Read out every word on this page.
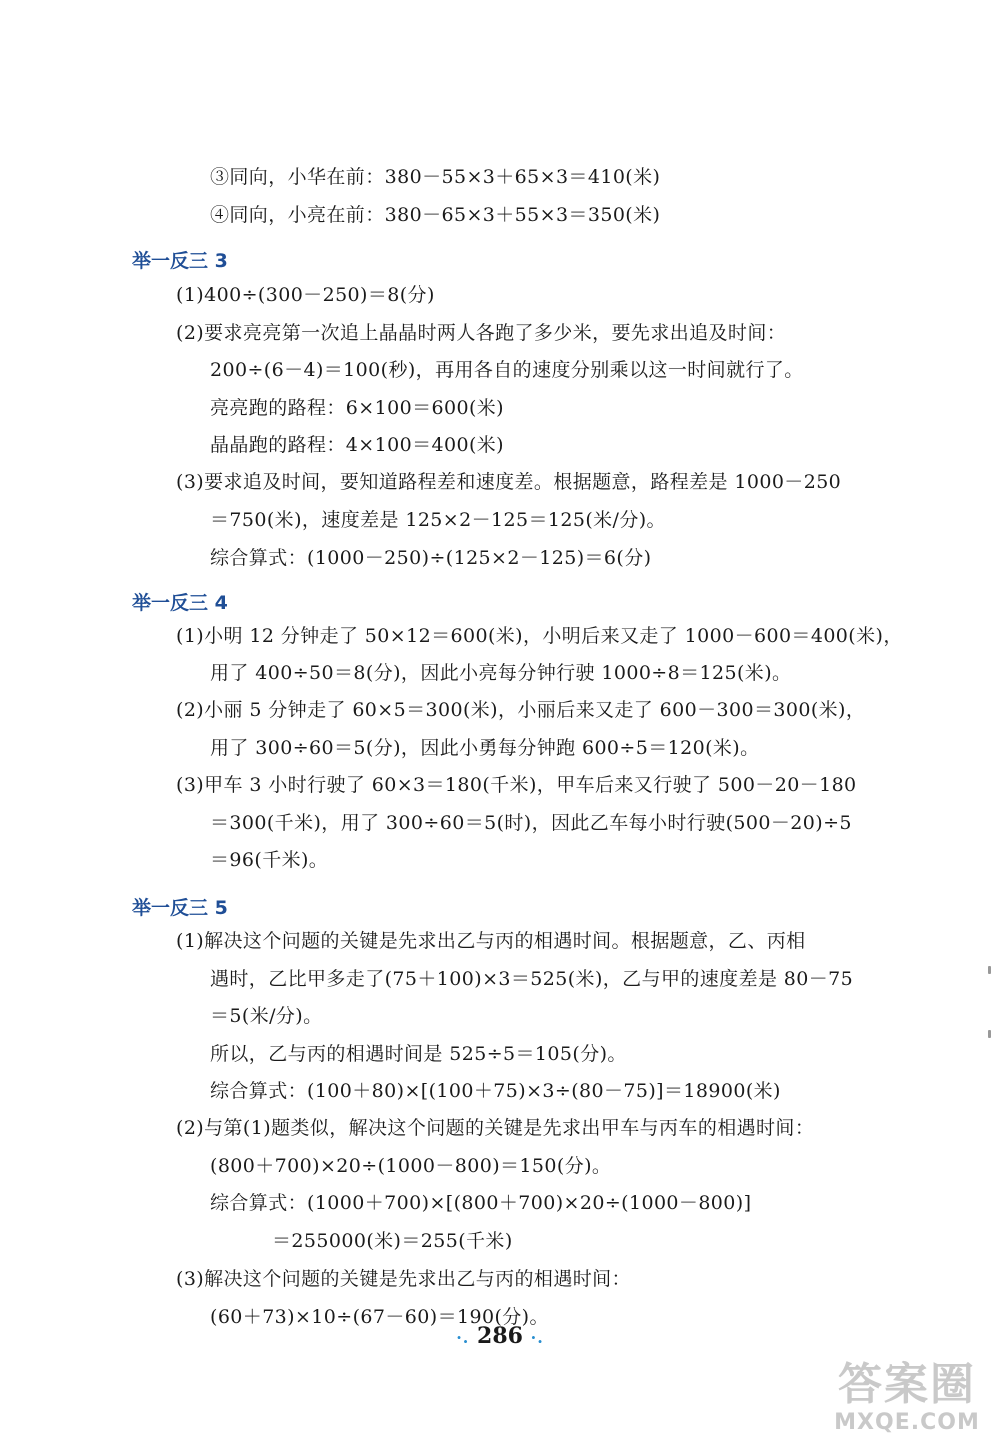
③同向，小华在前：380－55×3＋65×3＝410(米)
④同向，小亮在前：380－65×3＋55×3＝350(米)
举一反三 3
(1)400÷(300－250)＝8(分)
(2)要求亮亮第一次追上晶晶时两人各跑了多少米，要先求出追及时间：
200÷(6－4)＝100(秒)，再用各自的速度分别乘以这一时间就行了。
亮亮跑的路程：6×100＝600(米)
晶晶跑的路程：4×100＝400(米)
(3)要求追及时间，要知道路程差和速度差。根据题意，路程差是 1000－250
＝750(米)，速度差是 125×2－125＝125(米/分)。
综合算式：(1000－250)÷(125×2－125)＝6(分)
举一反三 4
(1)小明 12 分钟走了 50×12＝600(米)，小明后来又走了 1000－600＝400(米)，
用了 400÷50＝8(分)，因此小亮每分钟行驶 1000÷8＝125(米)。
(2)小丽 5 分钟走了 60×5＝300(米)，小丽后来又走了 600－300＝300(米)，
用了 300÷60＝5(分)，因此小勇每分钟跑 600÷5＝120(米)。
(3)甲车 3 小时行驶了 60×3＝180(千米)，甲车后来又行驶了 500－20－180
＝300(千米)，用了 300÷60＝5(时)，因此乙车每小时行驶(500－20)÷5
＝96(千米)。
举一反三 5
(1)解决这个问题的关键是先求出乙与丙的相遇时间。根据题意，乙、丙相
遇时，乙比甲多走了(75＋100)×3＝525(米)，乙与甲的速度差是 80－75
＝5(米/分)。
所以，乙与丙的相遇时间是 525÷5＝105(分)。
综合算式：(100＋80)×[(100＋75)×3÷(80－75)]＝18900(米)
(2)与第(1)题类似，解决这个问题的关键是先求出甲车与丙车的相遇时间：
(800＋700)×20÷(1000－800)＝150(分)。
综合算式：(1000＋700)×[(800＋700)×20÷(1000－800)]
＝255000(米)＝255(千米)
(3)解决这个问题的关键是先求出乙与丙的相遇时间：
(60＋73)×10÷(67－60)＝190(分)。
·. 286 ·.
答案圈
MXQE.COM
